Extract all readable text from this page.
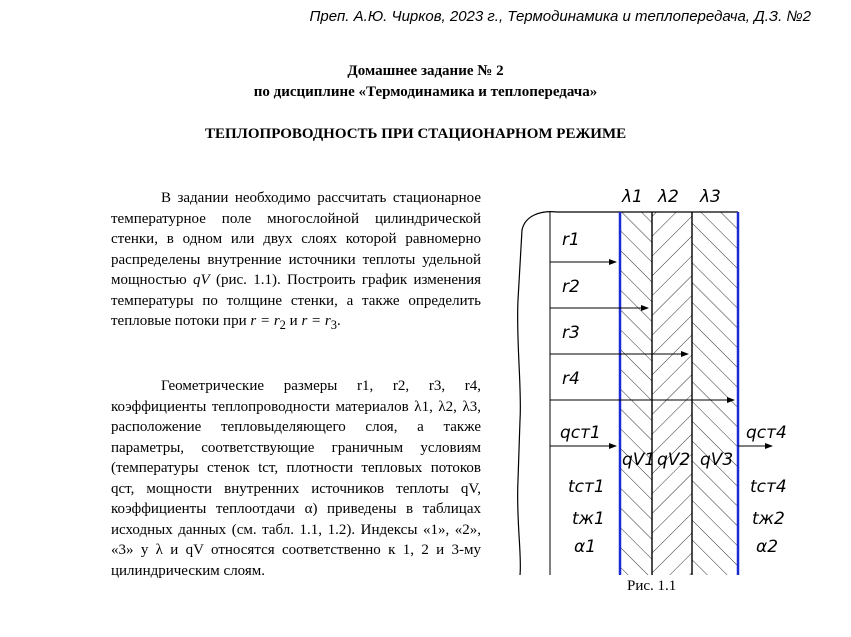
Преп. А.Ю. Чирков, 2023 г., Термодинамика и теплопередача, Д.З. №2
Домашнее задание № 2
по дисциплине «Термодинамика и теплопередача»
ТЕПЛОПРОВОДНОСТЬ ПРИ СТАЦИОНАРНОМ РЕЖИМЕ

В задании необходимо рассчитать стационарное температурное поле многослойной цилиндрической стенки, в одном или двух слоях которой равномерно распределены внутренние источники теплоты удельной мощностью qV (рис. 1.1). Построить график изменения температуры по толщине стенки, а также определить тепловые потоки при $r = r_2$ и $r = r_3$.

Геометрические размеры r1, r2, r3, r4, коэффициенты теплопроводности материалов λ1, λ2, λ3, расположение тепловыделяющего слоя, а также параметры, соответствующие граничным условиям (температуры стенок tст, плотности тепловых потоков qст, мощности внутренних источников теплоты qV, коэффициенты теплоотдачи α) приведены в таблицах исходных данных (см. табл. 1.1, 1.2). Индексы «1», «2», «3» у λ и qV относятся соответственно к 1, 2 и 3-му цилиндрическим слоям.

λ1 λ2 λ3
r1
r2
r3
r4
qст1	qст4
qV1 qV2 qV3
tст1	tст4
tж1	tж2
α1	α2
Рис. 1.1
